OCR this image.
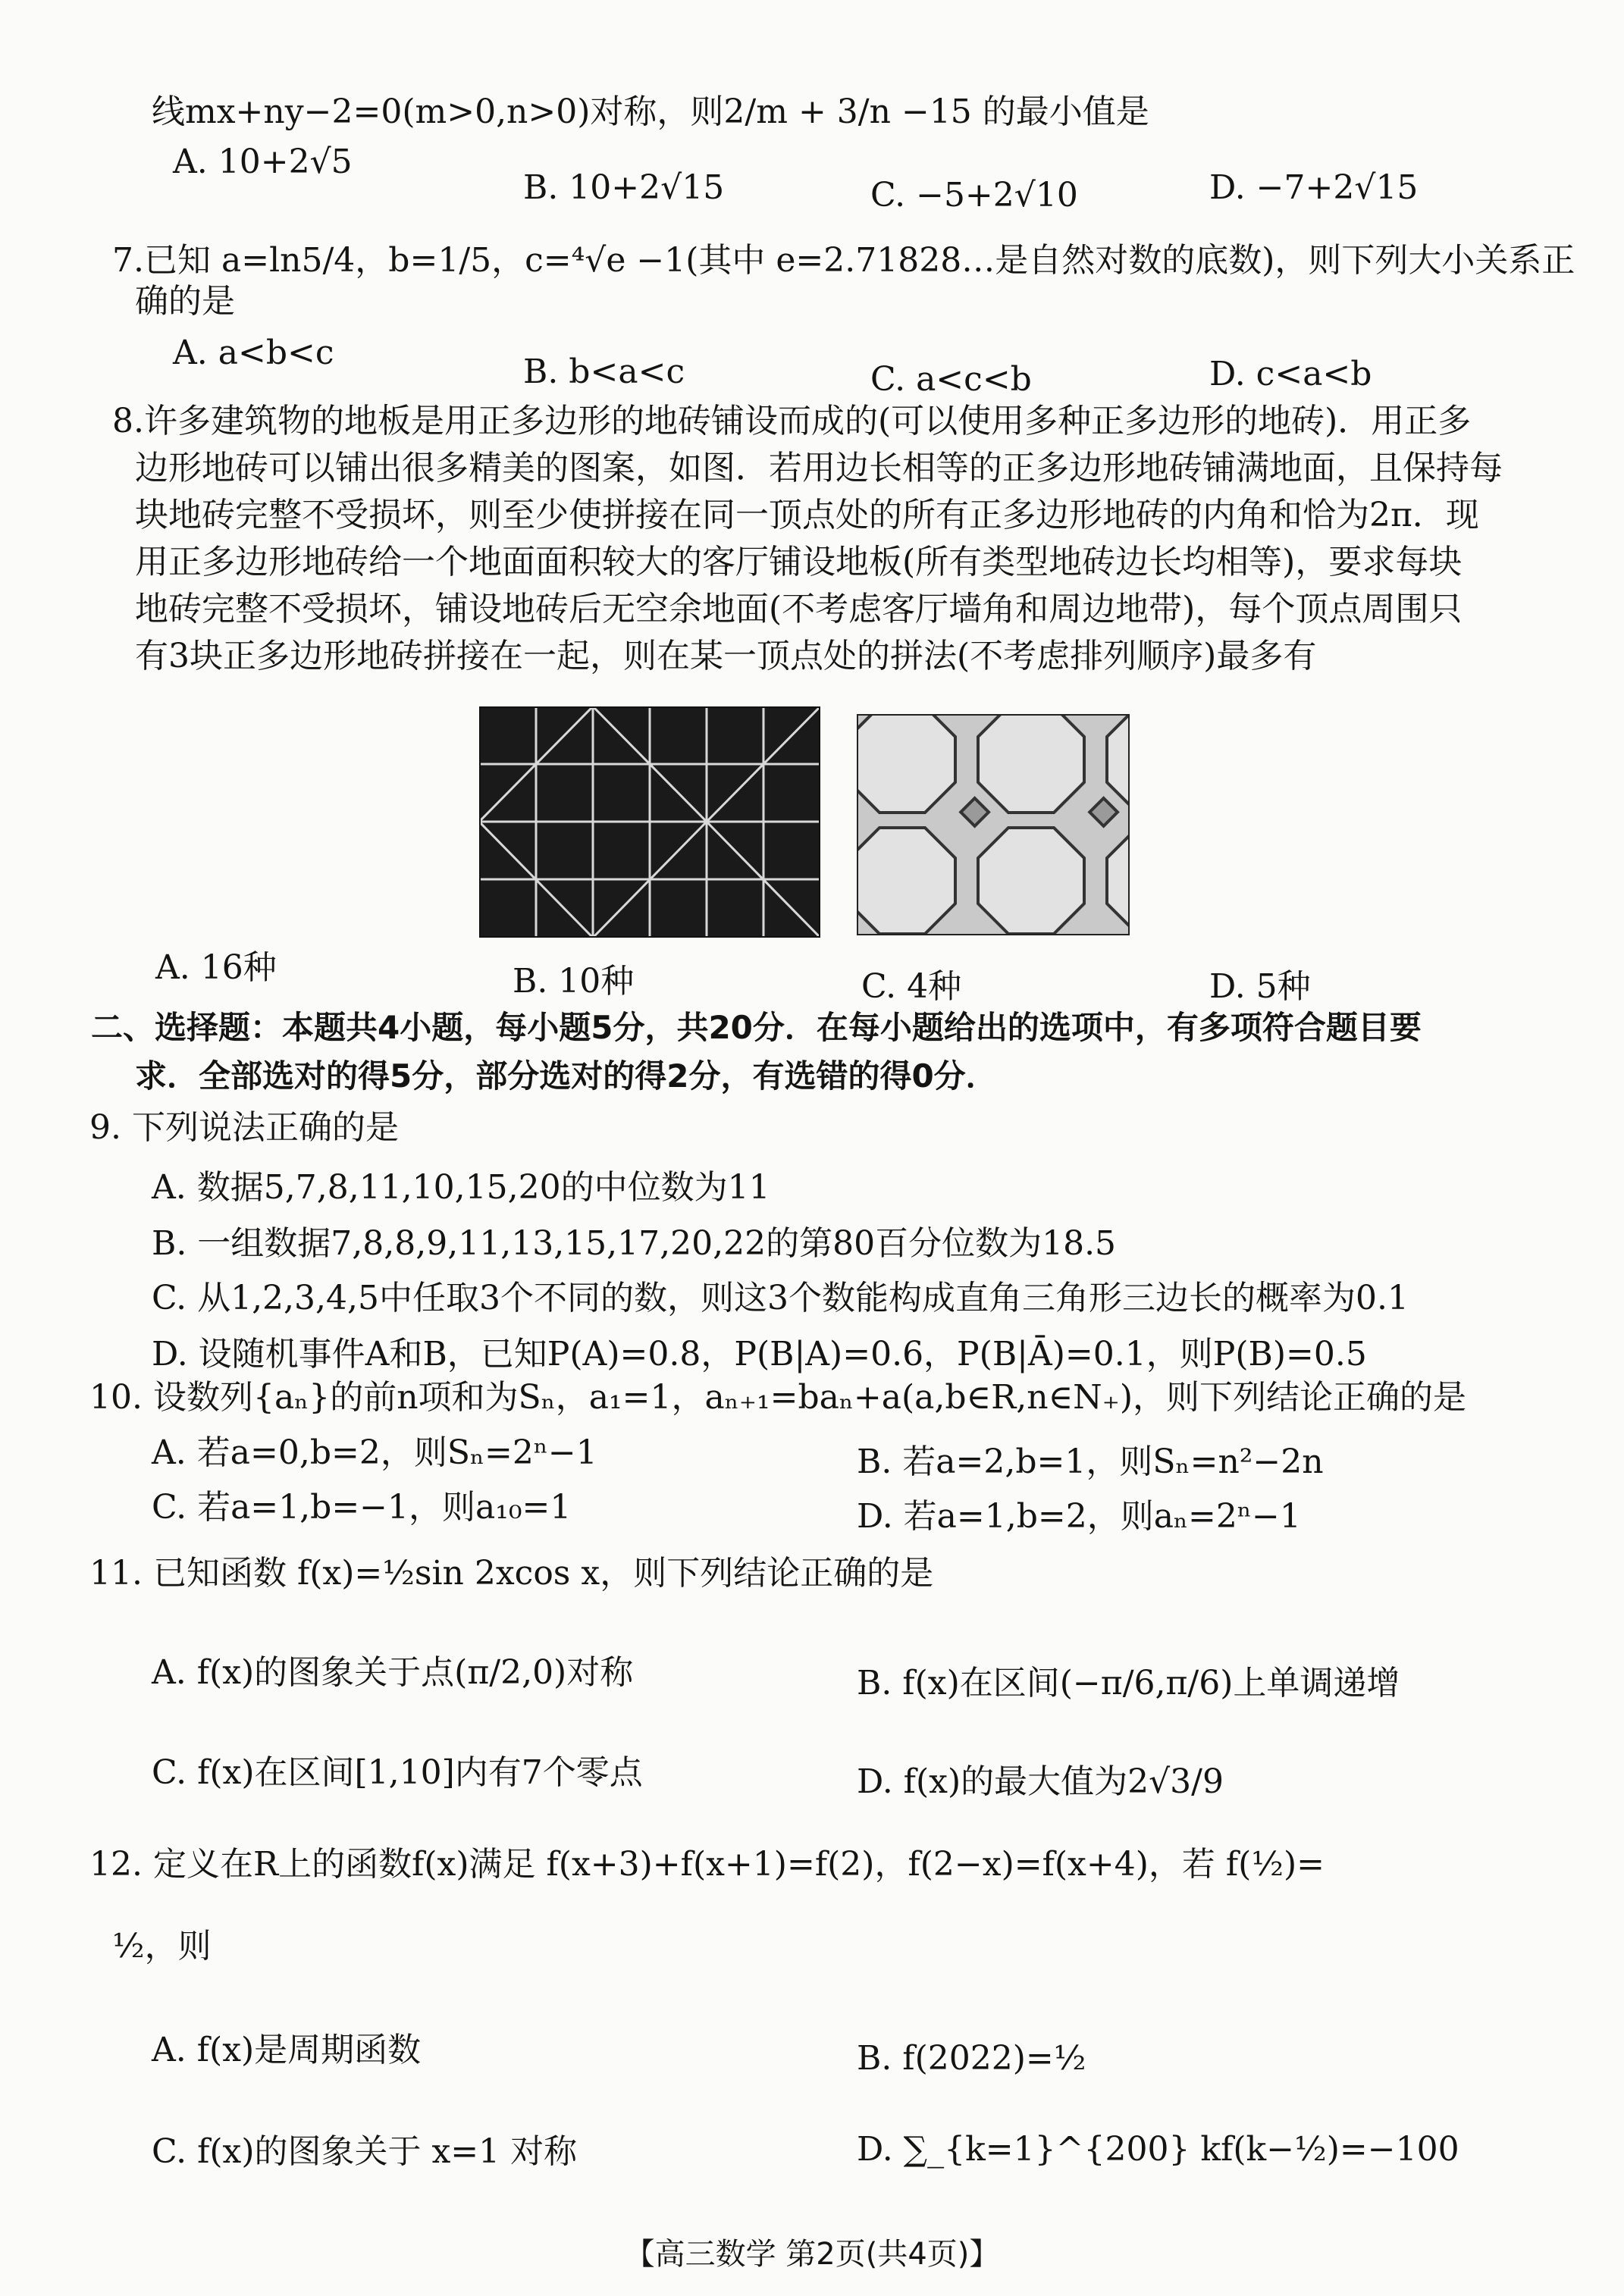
线mx+ny−2=0(m>0,n>0)对称，则2/m + 3/n −15 的最小值是
A. 10+2√5
B. 10+2√15	C. −5+2√10	D. −7+2√15
7.已知 a=ln5/4，b=1/5，c=⁴√e −1(其中 e=2.71828…是自然对数的底数)，则下列大小关系正
确的是
A. a<b<c	B. b<a<c	C. a<c<b	D. c<a<b
8.许多建筑物的地板是用正多边形的地砖铺设而成的(可以使用多种正多边形的地砖)．用正多
边形地砖可以铺出很多精美的图案，如图．若用边长相等的正多边形地砖铺满地面，且保持每
块地砖完整不受损坏，则至少使拼接在同一顶点处的所有正多边形地砖的内角和恰为2π．现
用正多边形地砖给一个地面面积较大的客厅铺设地板(所有类型地砖边长均相等)，要求每块
地砖完整不受损坏，铺设地砖后无空余地面(不考虑客厅墙角和周边地带)，每个顶点周围只
有3块正多边形地砖拼接在一起，则在某一顶点处的拼法(不考虑排列顺序)最多有
A. 16种	B. 10种	C. 4种	D. 5种
二、选择题：本题共4小题，每小题5分，共20分．在每小题给出的选项中，有多项符合题目要
求．全部选对的得5分，部分选对的得2分，有选错的得0分．
9. 下列说法正确的是
A. 数据5,7,8,11,10,15,20的中位数为11
B. 一组数据7,8,8,9,11,13,15,17,20,22的第80百分位数为18.5
C. 从1,2,3,4,5中任取3个不同的数，则这3个数能构成直角三角形三边长的概率为0.1
D. 设随机事件A和B，已知P(A)=0.8，P(B|A)=0.6，P(B|Ā)=0.1，则P(B)=0.5
10. 设数列{aₙ}的前n项和为Sₙ，a₁=1，aₙ₊₁=baₙ+a(a,b∈R,n∈N₊)，则下列结论正确的是
A. 若a=0,b=2，则Sₙ=2ⁿ−1	B. 若a=2,b=1，则Sₙ=n²−2n
C. 若a=1,b=−1，则a₁₀=1	D. 若a=1,b=2，则aₙ=2ⁿ−1
11. 已知函数 f(x)=½sin 2xcos x，则下列结论正确的是
A. f(x)的图象关于点(π/2,0)对称	B. f(x)在区间(−π/6,π/6)上单调递增
C. f(x)在区间[1,10]内有7个零点	D. f(x)的最大值为2√3/9
12. 定义在R上的函数f(x)满足 f(x+3)+f(x+1)=f(2)，f(2−x)=f(x+4)，若 f(½)=
½，则
A. f(x)是周期函数	B. f(2022)=½
C. f(x)的图象关于 x=1 对称	D. ∑_{k=1}^{200} kf(k−½)=−100
【高三数学 第2页(共4页)】
